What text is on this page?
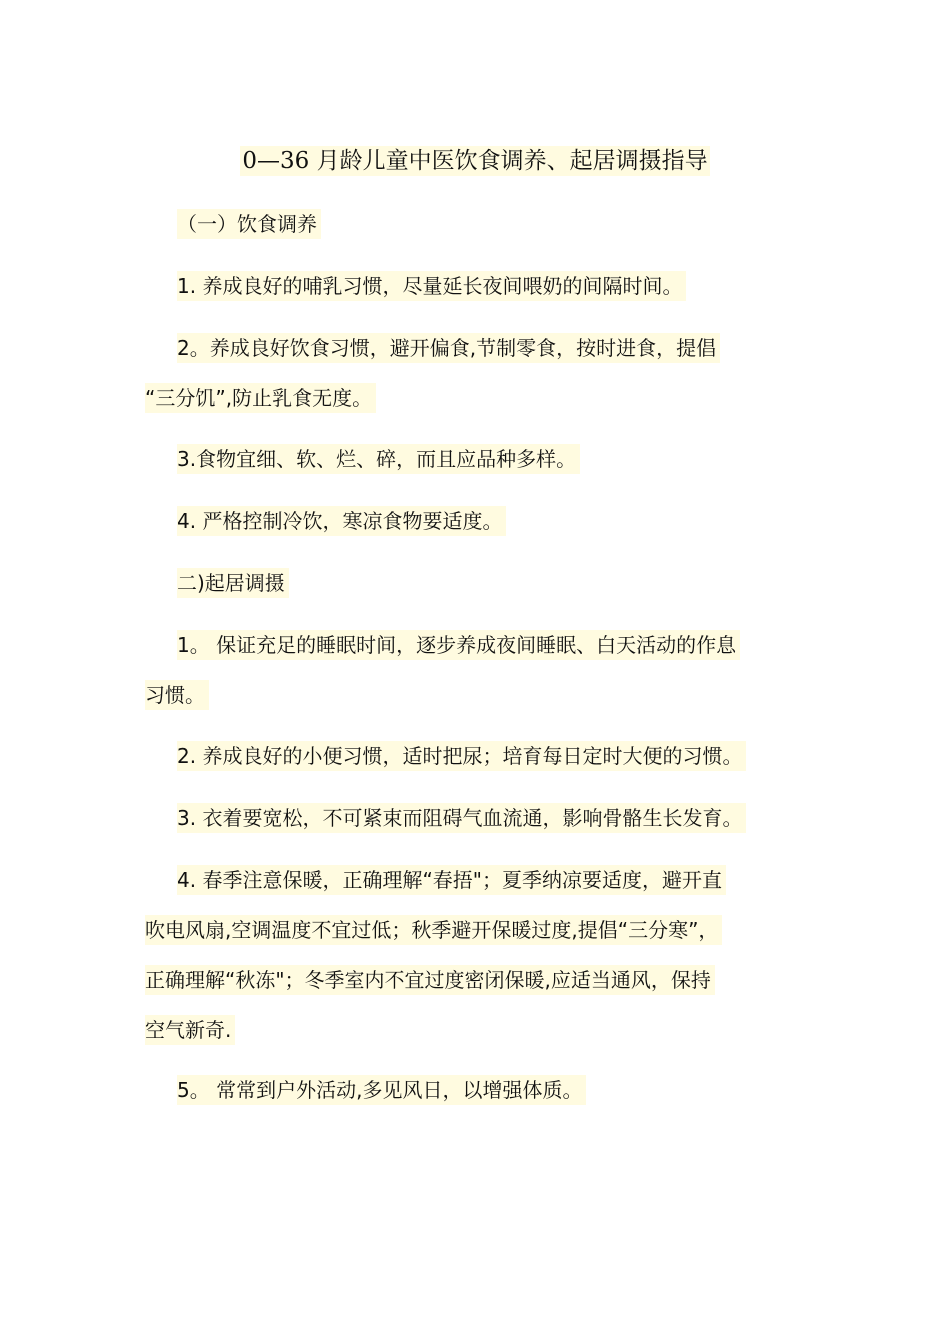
0—36 月龄儿童中医饮食调养、起居调摄指导
（一）饮食调养
1. 养成良好的哺乳习惯，尽量延长夜间喂奶的间隔时间。
2。养成良好饮食习惯，避开偏食,节制零食，按时进食，提倡
“三分饥”,防止乳食无度。
3.食物宜细、软、烂、碎，而且应品种多样。
4. 严格控制冷饮，寒凉食物要适度。
二)起居调摄
1。 保证充足的睡眠时间，逐步养成夜间睡眠、白天活动的作息
习惯。
2. 养成良好的小便习惯，适时把尿；培育每日定时大便的习惯。
3. 衣着要宽松，不可紧束而阻碍气血流通，影响骨骼生长发育。
4. 春季注意保暖，正确理解“春捂"；夏季纳凉要适度，避开直
吹电风扇,空调温度不宜过低；秋季避开保暖过度,提倡“三分寒”，
正确理解“秋冻"；冬季室内不宜过度密闭保暖,应适当通风，保持
空气新奇.
5。 常常到户外活动,多见风日，以增强体质。
